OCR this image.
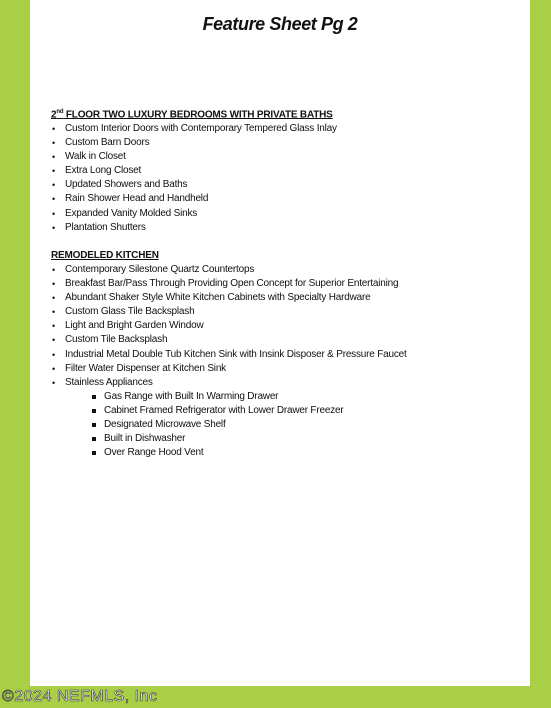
Feature Sheet Pg 2
2nd FLOOR TWO LUXURY BEDROOMS WITH PRIVATE BATHS
• Custom Interior Doors with Contemporary Tempered Glass Inlay
• Custom Barn Doors
• Walk in Closet
• Extra Long Closet
• Updated Showers and Baths
• Rain Shower Head and Handheld
• Expanded Vanity Molded Sinks
• Plantation Shutters
REMODELED KITCHEN
• Contemporary Silestone Quartz Countertops
• Breakfast Bar/Pass Through Providing Open Concept for Superior Entertaining
• Abundant Shaker Style White Kitchen Cabinets with Specialty Hardware
• Custom Glass Tile Backsplash
• Light and Bright Garden Window
• Custom Tile Backsplash
• Industrial Metal Double Tub Kitchen Sink with Insink Disposer & Pressure Faucet
• Filter Water Dispenser at Kitchen Sink
• Stainless Appliances
Gas Range with Built In Warming Drawer
Cabinet Framed Refrigerator with Lower Drawer Freezer
Designated Microwave Shelf
Built in Dishwasher
Over Range Hood Vent
©2024 NEFMLS, Inc
